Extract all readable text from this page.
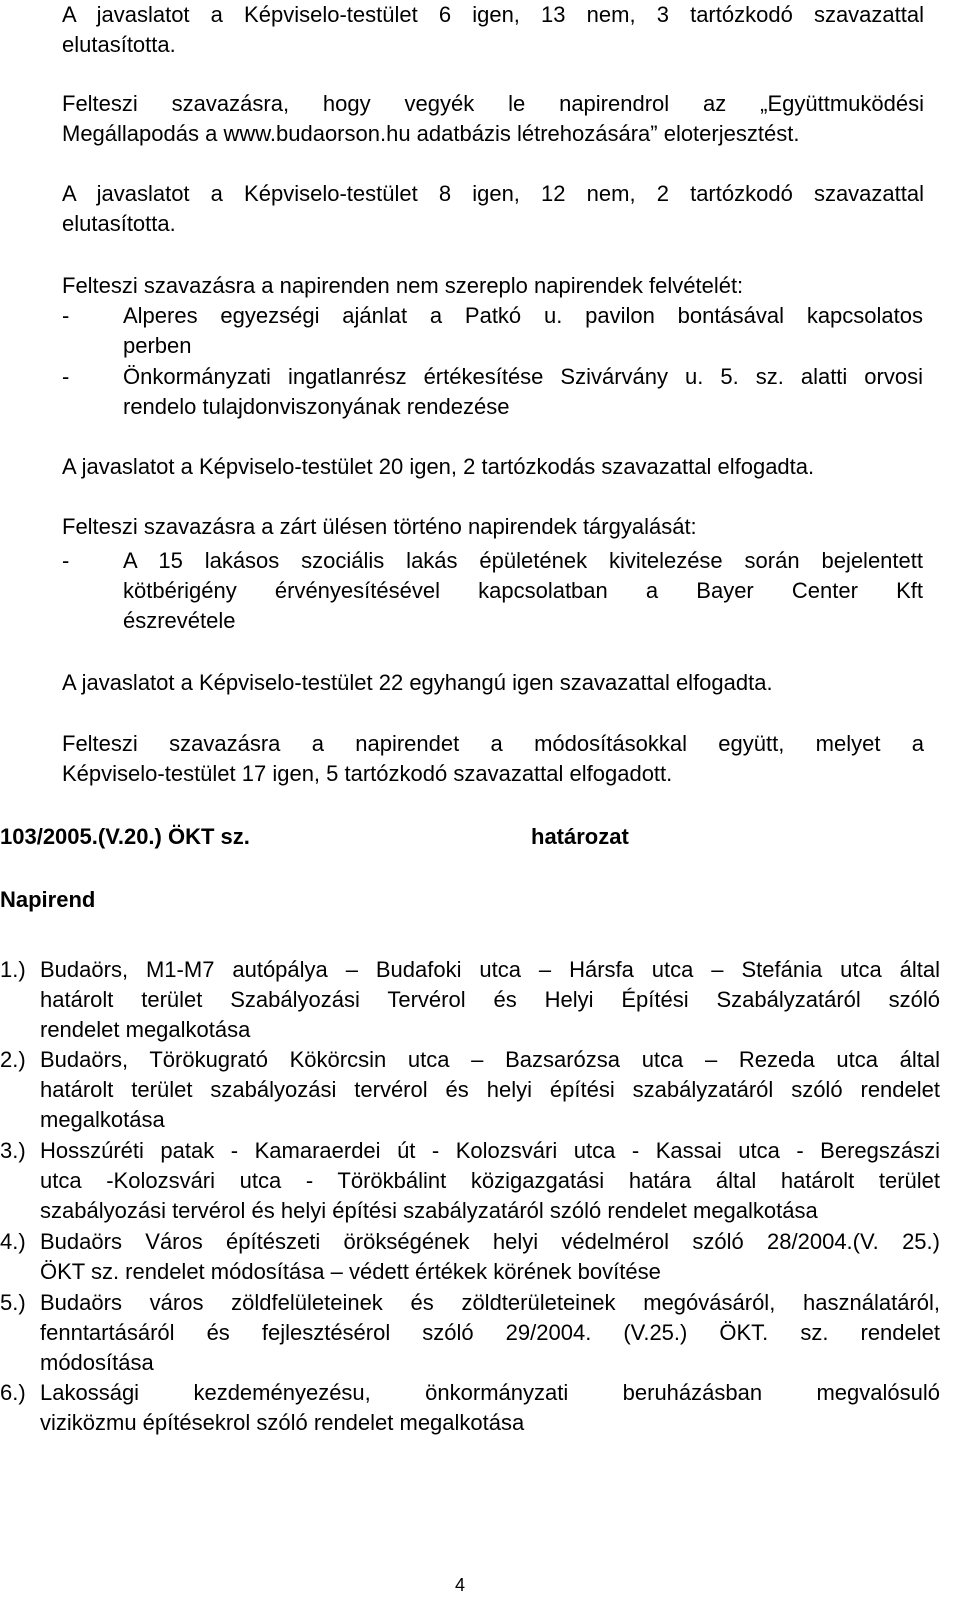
A javaslatot a Képviselo-testület 6 igen, 13 nem, 3 tartózkodó szavazattal
elutasította.
Felteszi szavazásra, hogy vegyék le napirendrol az „Együttmuködési
Megállapodás a www.budaorson.hu adatbázis létrehozására” eloterjesztést.
A javaslatot a Képviselo-testület 8 igen, 12 nem, 2 tartózkodó szavazattal
elutasította.
Felteszi szavazásra a napirenden nem szereplo napirendek felvételét:
- Alperes egyezségi ajánlat a Patkó u. pavilon bontásával kapcsolatos
perben
- Önkormányzati ingatlanrész értékesítése Szivárvány u. 5. sz. alatti orvosi
rendelo tulajdonviszonyának rendezése
A javaslatot a Képviselo-testület 20 igen, 2 tartózkodás szavazattal elfogadta.
Felteszi szavazásra a zárt ülésen történo napirendek tárgyalását:
- A 15 lakásos szociális lakás épületének kivitelezése során bejelentett
kötbérigény érvényesítésével kapcsolatban a Bayer Center Kft
észrevétele
A javaslatot a Képviselo-testület 22 egyhangú igen szavazattal elfogadta.
Felteszi szavazásra a napirendet a módosításokkal együtt, melyet a
Képviselo-testület 17 igen, 5 tartózkodó szavazattal elfogadott.
103/2005.(V.20.) ÖKT sz.	határozat
Napirend
1.) Budaörs, M1-M7 autópálya – Budafoki utca – Hársfa utca – Stefánia utca által
határolt terület Szabályozási Tervérol és Helyi Építési Szabályzatáról szóló
rendelet megalkotása
2.) Budaörs, Törökugrató Kökörcsin utca – Bazsarózsa utca – Rezeda utca által
határolt terület szabályozási tervérol és helyi építési szabályzatáról szóló rendelet
megalkotása
3.) Hosszúréti patak - Kamaraerdei út - Kolozsvári utca - Kassai utca - Beregszászi
utca -Kolozsvári utca - Törökbálint közigazgatási határa által határolt terület
szabályozási tervérol és helyi építési szabályzatáról szóló rendelet megalkotása
4.) Budaörs Város építészeti örökségének helyi védelmérol szóló 28/2004.(V. 25.)
ÖKT sz. rendelet módosítása – védett értékek körének bovítése
5.) Budaörs város zöldfelületeinek és zöldterületeinek megóvásáról, használatáról,
fenntartásáról és fejlesztésérol szóló 29/2004. (V.25.) ÖKT. sz. rendelet
módosítása
6.) Lakossági kezdeményezésu, önkormányzati beruházásban megvalósuló
viziközmu építésekrol szóló rendelet megalkotása
4
